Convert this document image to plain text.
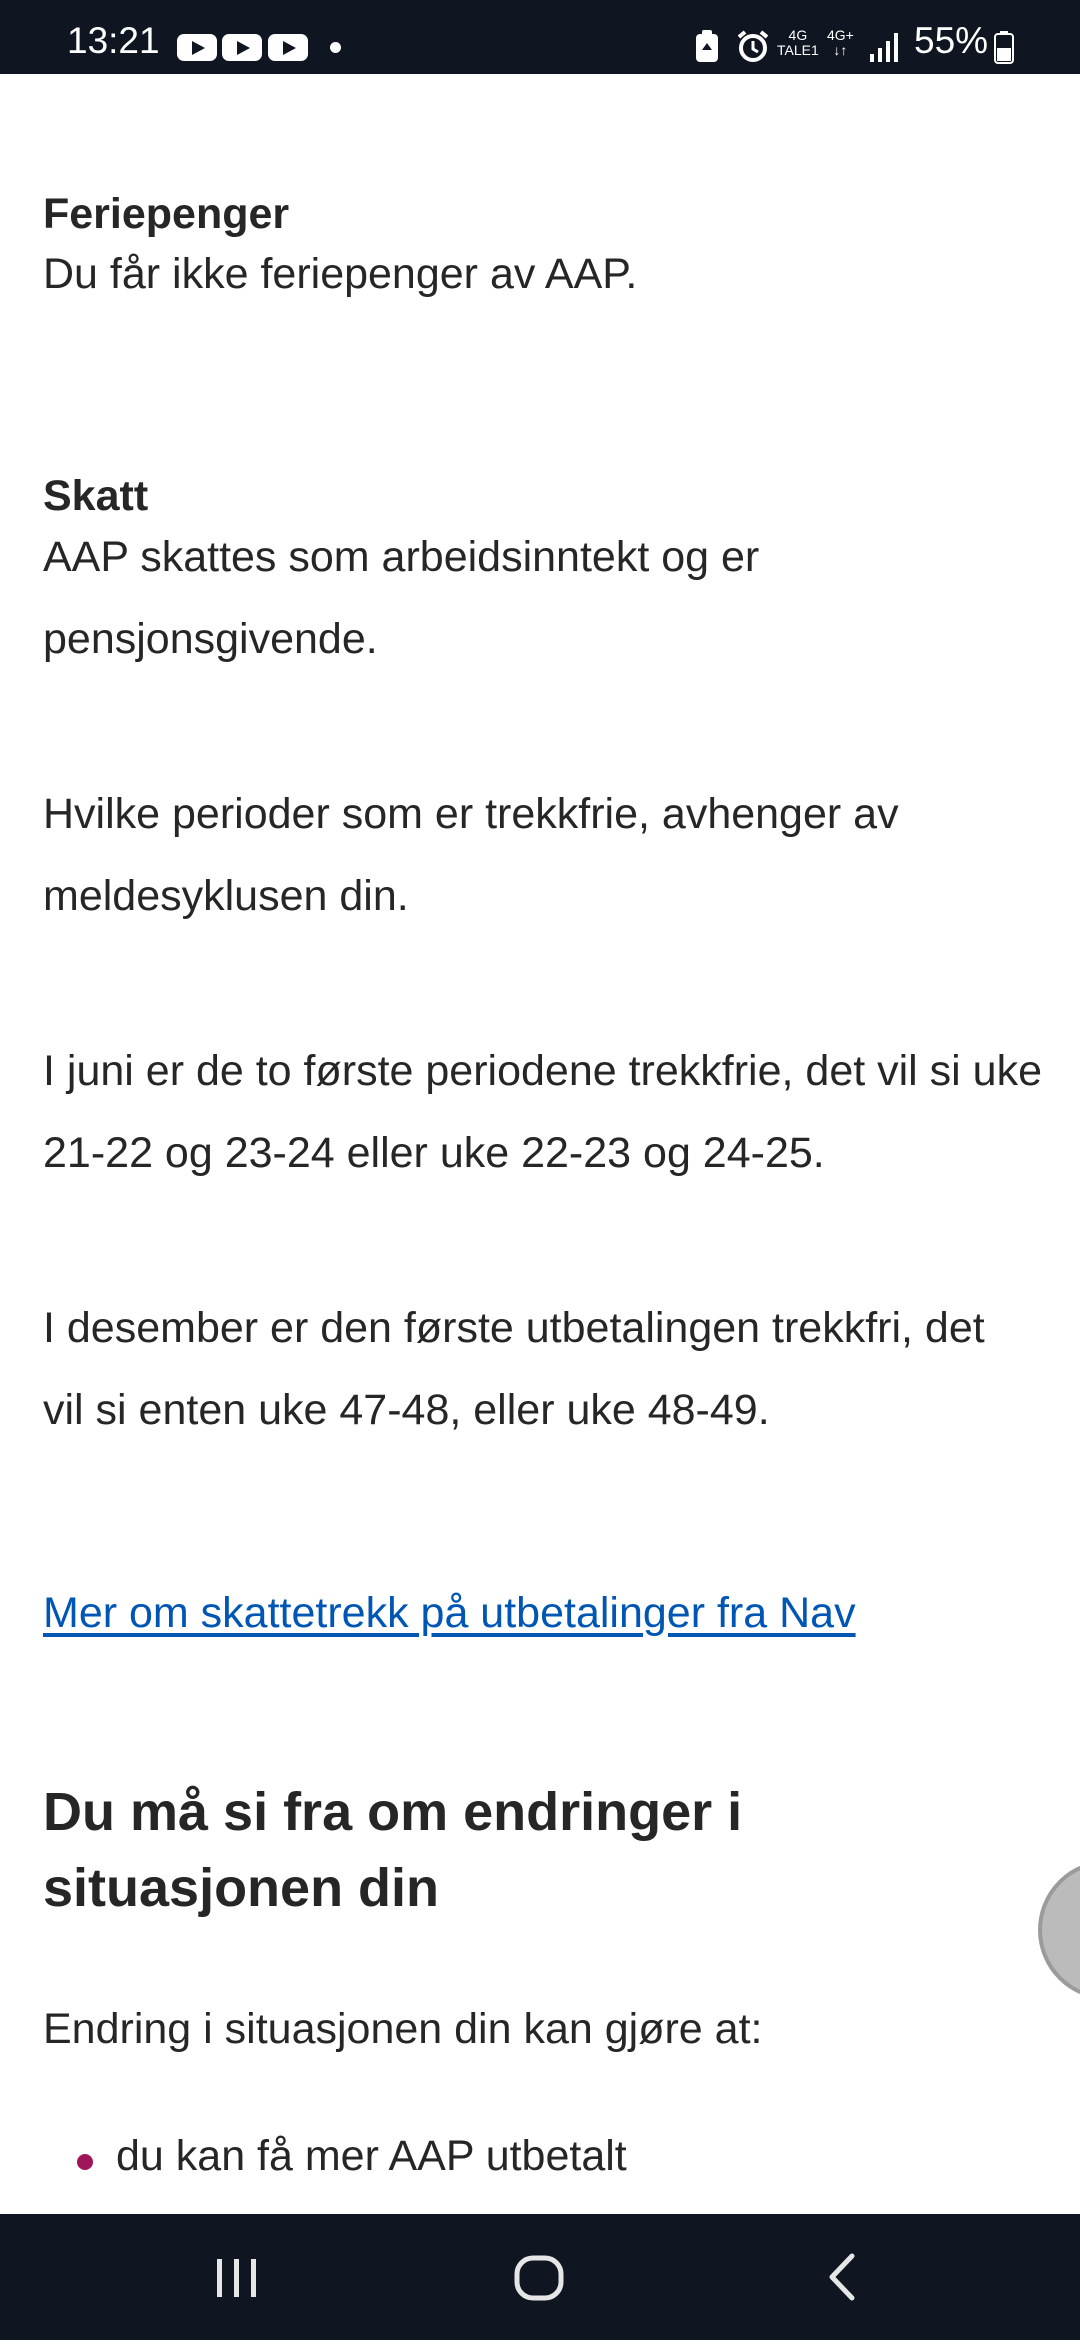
13:21	4G
TALE1
4G+
↓↑ 55%
Feriepenger

Du får ikke feriepenger av AAP.

Skatt

AAP skattes som arbeidsinntekt og er pensjonsgivende.

Hvilke perioder som er trekkfrie, avhenger av meldesyklusen din.

I juni er de to første periodene trekkfrie, det vil si uke 21-22 og 23-24 eller uke 22-23 og 24-25.

I desember er den første utbetalingen trekkfri, det vil si enten uke 47-48, eller uke 48-49.

Mer om skattetrekk på utbetalinger fra Nav
Du må si fra om endringer i situasjonen din

Endring i situasjonen din kan gjøre at:

du kan få mer AAP utbetalt
